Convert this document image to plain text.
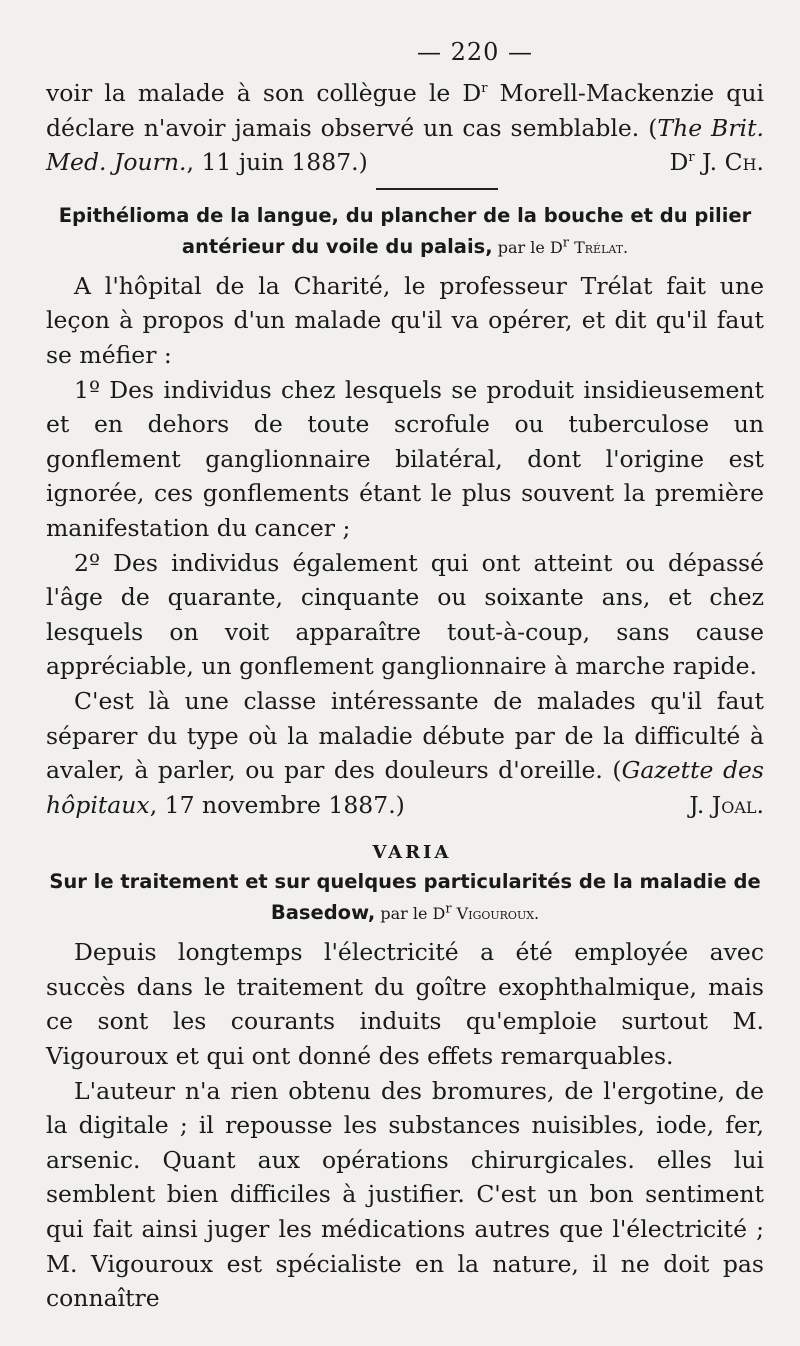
— 220 —

voir la malade à son collègue le $D^r$ Morell-Mackenzie qui déclare n'avoir jamais observé un cas semblable. (The Brit. Med. Journ., 11 juin 1887.)	$D^r$ J. Ch.

Epithélioma de la langue, du plancher de la bouche et du pilier antérieur du voile du palais, par le $D^r$ Trélat.

A l'hôpital de la Charité, le professeur Trélat fait une leçon à propos d'un malade qu'il va opérer, et dit qu'il faut se méfier :

1º Des individus chez lesquels se produit insidieusement et en dehors de toute scrofule ou tuberculose un gonflement ganglionnaire bilatéral, dont l'origine est ignorée, ces gonflements étant le plus souvent la première manifestation du cancer ;

2º Des individus également qui ont atteint ou dépassé l'âge de quarante, cinquante ou soixante ans, et chez lesquels on voit apparaître tout-à-coup, sans cause appréciable, un gonflement ganglionnaire à marche rapide.

C'est là une classe intéressante de malades qu'il faut séparer du type où la maladie débute par de la difficulté à avaler, à parler, ou par des douleurs d'oreille. (Gazette des hôpitaux, 17 novembre 1887.)	J. Joal.

VARIA

Sur le traitement et sur quelques particularités de la maladie de Basedow, par le $D^r$ Vigouroux.

Depuis longtemps l'électricité a été employée avec succès dans le traitement du goître exophthalmique, mais ce sont les courants induits qu'emploie surtout M. Vigouroux et qui ont donné des effets remarquables.

L'auteur n'a rien obtenu des bromures, de l'ergotine, de la digitale ; il repousse les substances nuisibles, iode, fer, arsenic. Quant aux opérations chirurgicales. elles lui semblent bien difficiles à justifier. C'est un bon sentiment qui fait ainsi juger les médications autres que l'électricité ; M. Vigouroux est spécialiste en la nature, il ne doit pas connaître
